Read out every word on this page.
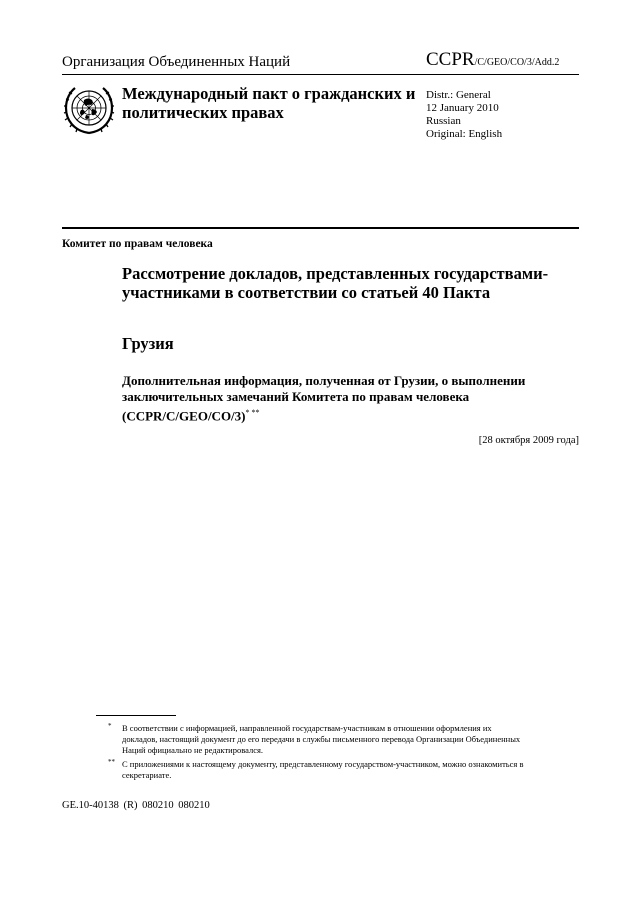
Организация Объединенных Наций	CCPR/C/GEO/CO/3/Add.2
Международный пакт о гражданских и политических правах
Distr.: General
12 January 2010
Russian
Original: English
Комитет по правам человека
Рассмотрение докладов, представленных государствами-участниками в соответствии со статьей 40 Пакта
Грузия
Дополнительная информация, полученная от Грузии, о выполнении заключительных замечаний Комитета по правам человека (CCPR/C/GEO/CO/3)* **
[28 октября 2009 года]
*	В соответствии с информацией, направленной государствам-участникам в отношении оформления их докладов, настоящий документ до его передачи в службы письменного перевода Организации Объединенных Наций официально не редактировался.
** С приложениями к настоящему документу, представленному государством-участником, можно ознакомиться в секретариате.
GE.10-40138 (R) 080210 080210
